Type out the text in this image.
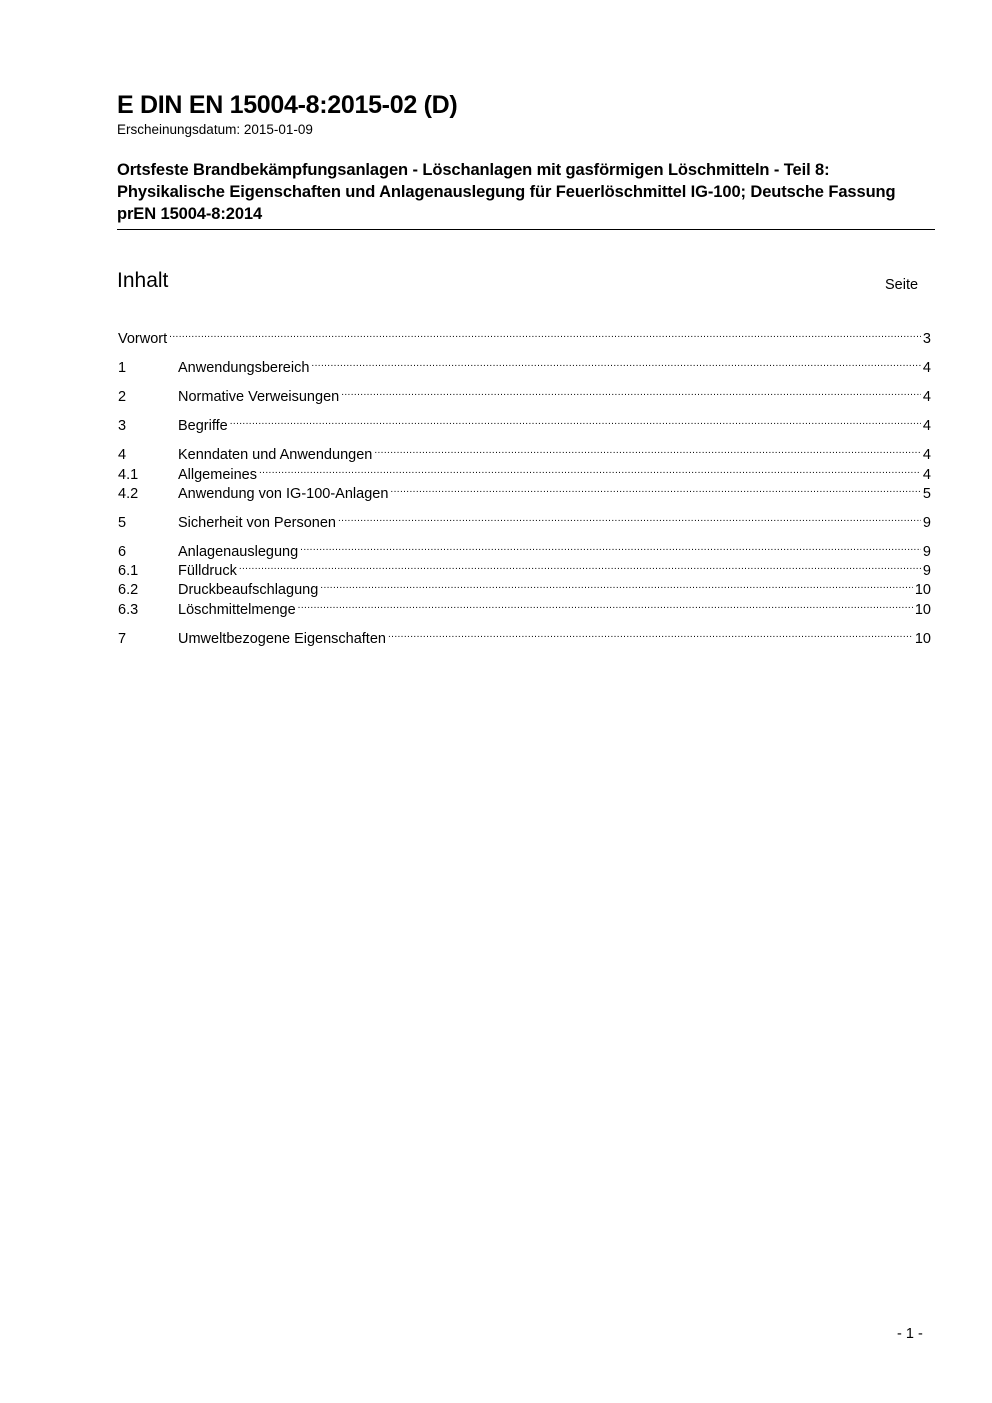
E DIN EN 15004-8:2015-02 (D)
Erscheinungsdatum: 2015-01-09
Ortsfeste Brandbekämpfungsanlagen - Löschanlagen mit gasförmigen Löschmitteln - Teil 8: Physikalische Eigenschaften und Anlagenauslegung für Feuerlöschmittel IG-100; Deutsche Fassung prEN 15004-8:2014
Inhalt	Seite
Vorwort .....	3
1	Anwendungsbereich .....	4
2	Normative Verweisungen .....	4
3	Begriffe .....	4
4	Kenndaten und Anwendungen .....	4
4.1	Allgemeines .....	4
4.2	Anwendung von IG-100-Anlagen .....	5
5	Sicherheit von Personen .....	9
6	Anlagenauslegung .....	9
6.1	Fülldruck .....	9
6.2	Druckbeaufschlagung .....	10
6.3	Löschmittelmenge .....	10
7	Umweltbezogene Eigenschaften .....	10
- 1 -
